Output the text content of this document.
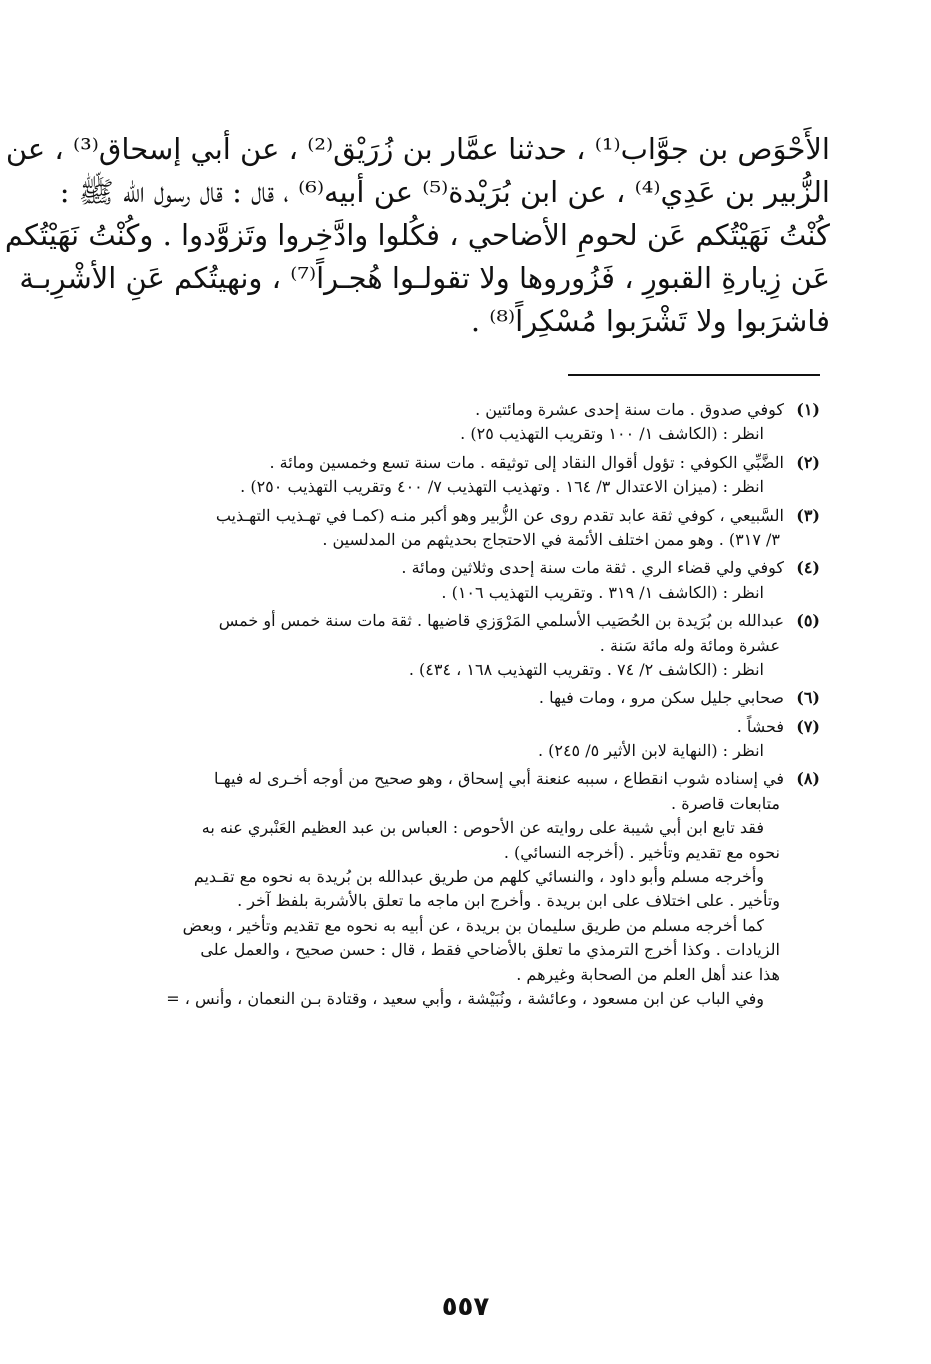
الأَحْوَص بن جوَّاب⁽¹⁾ ، حدثنا عمَّار بن زُرَيْق⁽²⁾ ، عن أبي إسحاق⁽³⁾ ، عن
الزُّبير بن عَدِي⁽⁴⁾ ، عن ابن بُرَيْدة⁽⁵⁾ عن أبيه⁽⁶⁾ ، قال : قال رسول الله ﷺ :
كُنْتُ نَهَيْتُكم عَن لحومِ الأضاحي ، فكُلوا وادَّخِروا وتَزوَّدوا . وكُنْتُ نَهَيْتُكم
عَن زِيارةِ القبورِ ، فَزُوروها ولا تقولـوا هُجـراً⁽⁷⁾ ، ونهيتُكم عَنِ الأشْرِبـة
فاشرَبوا ولا تَشْرَبوا مُسْكِراً⁽⁸⁾ .
(١)كوفي صدوق . مات سنة إحدى عشرة ومائتين .
انظر : (الكاشف ١/ ١٠٠ وتقريب التهذيب ٢٥) .
(٢)الضَّبِّي الكوفي : تؤول أقوال النقاد إلى توثيقه . مات سنة تسع وخمسين ومائة .
انظر : (ميزان الاعتدال ٣/ ١٦٤ . وتهذيب التهذيب ٧/ ٤٠٠ وتقريب التهذيب ٢٥٠) .
(٣)السَّبيعي ، كوفي ثقة عابد تقدم روى عن الزُّبير وهو أكبر منـه (كمـا في تهـذيب التهـذيب
٣/ ٣١٧) . وهو ممن اختلف الأئمة في الاحتجاج بحديثهم من المدلسين .
(٤)كوفي ولي قضاء الري . ثقة مات سنة إحدى وثلاثين ومائة .
انظر : (الكاشف ١/ ٣١٩ . وتقريب التهذيب ١٠٦) .
(٥)عبدالله بن بُرَيدة بن الحُصَيب الأسلمي المَرْوَزي قاضيها . ثقة مات سنة خمس أو خمس
عشرة ومائة وله مائة سَنة .
انظر : (الكاشف ٢/ ٧٤ . وتقريب التهذيب ١٦٨ ، ٤٣٤) .
(٦)صحابي جليل سكن مرو ، ومات فيها .
(٧)فحشاً .
انظر : (النهاية لابن الأثير ٥/ ٢٤٥) .
(٨)في إسناده شوب انقطاع ، سببه عنعنة أبي إسحاق ، وهو صحيح من أوجه أخـرى له فيهـا
متابعات قاصرة .
فقد تابع ابن أبي شيبة على روايته عن الأحوص : العباس بن عبد العظيم العَنْبري عنه به
نحوه مع تقديم وتأخير . (أخرجه النسائي) .
وأخرجه مسلم وأبو داود ، والنسائي كلهم من طريق عبدالله بن بُريدة به نحوه مع تقـديم
وتأخير . على اختلاف على ابن بريدة . وأخرج ابن ماجه ما تعلق بالأشربة بلفظ آخر .
كما أخرجه مسلم من طريق سليمان بن بريدة ، عن أبيه به نحوه مع تقديم وتأخير ، وبعض
الزيادات . وكذا أخرج الترمذي ما تعلق بالأضاحي فقط ، قال : حسن صحيح ، والعمل على
هذا عند أهل العلم من الصحابة وغيرهم .
وفي الباب عن ابن مسعود ، وعائشة ، ونُبَيْشة ، وأبي سعيد ، وقتادة بـن النعمان ، وأنس ، =
٥٥٧
